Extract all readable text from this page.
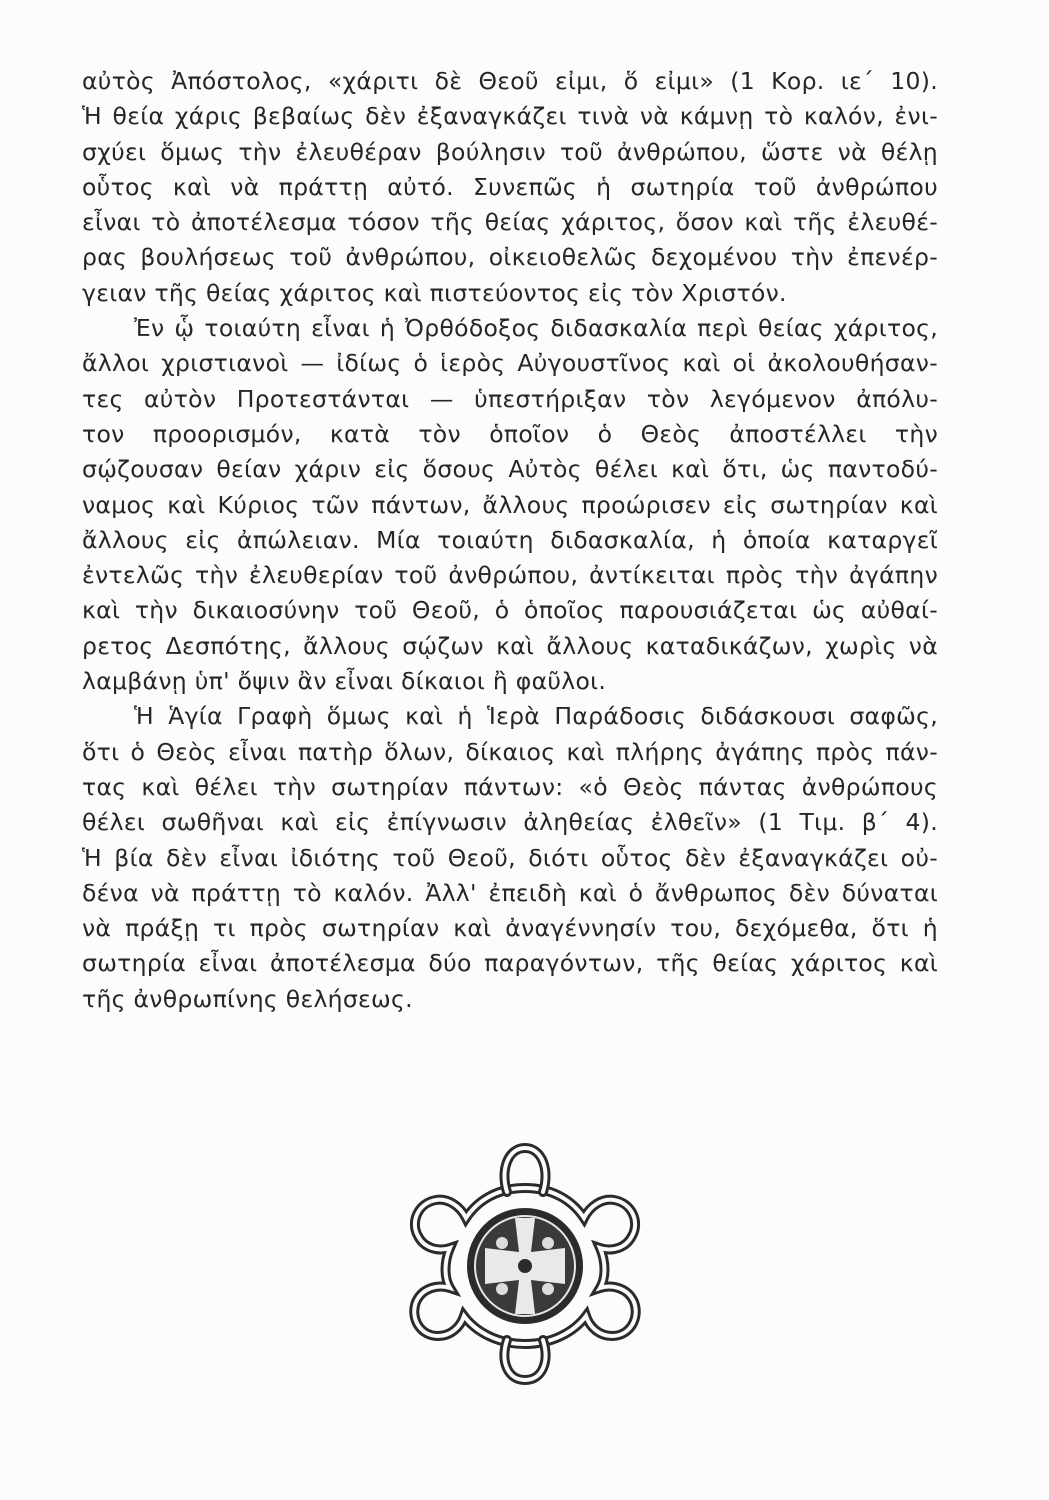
αὐτὸς Ἀπόστολος, «χάριτι δὲ Θεοῦ εἰμι, ὅ εἰμι» (1 Κορ. ιε´ 10).
Ἡ θεία χάρις βεβαίως δὲν ἐξαναγκάζει τινὰ νὰ κάμνῃ τὸ καλόν, ἐνι-
σχύει ὅμως τὴν ἐλευθέραν βούλησιν τοῦ ἀνθρώπου, ὥστε νὰ θέλῃ
οὗτος καὶ νὰ πράττῃ αὐτό. Συνεπῶς ἡ σωτηρία τοῦ ἀνθρώπου
εἶναι τὸ ἀποτέλεσμα τόσον τῆς θείας χάριτος, ὅσον καὶ τῆς ἐλευθέ-
ρας βουλήσεως τοῦ ἀνθρώπου, οἰκειοθελῶς δεχομένου τὴν ἐπενέρ-
γειαν τῆς θείας χάριτος καὶ πιστεύοντος εἰς τὸν Χριστόν.
Ἐν ᾧ τοιαύτη εἶναι ἡ Ὀρθόδοξος διδασκαλία περὶ θείας χάριτος,
ἄλλοι χριστιανοὶ — ἰδίως ὁ ἱερὸς Αὐγουστῖνος καὶ οἱ ἀκολουθήσαν-
τες αὐτὸν Προτεστάνται — ὑπεστήριξαν τὸν λεγόμενον ἀπόλυ-
τον προορισμόν, κατὰ τὸν ὁποῖον ὁ Θεὸς ἀποστέλλει τὴν
σῴζουσαν θείαν χάριν εἰς ὅσους Αὐτὸς θέλει καὶ ὅτι, ὡς παντοδύ-
ναμος καὶ Κύριος τῶν πάντων, ἄλλους προώρισεν εἰς σωτηρίαν καὶ
ἄλλους εἰς ἀπώλειαν. Μία τοιαύτη διδασκαλία, ἡ ὁποία καταργεῖ
ἐντελῶς τὴν ἐλευθερίαν τοῦ ἀνθρώπου, ἀντίκειται πρὸς τὴν ἀγάπην
καὶ τὴν δικαιοσύνην τοῦ Θεοῦ, ὁ ὁποῖος παρουσιάζεται ὡς αὐθαί-
ρετος Δεσπότης, ἄλλους σῴζων καὶ ἄλλους καταδικάζων, χωρὶς νὰ
λαμβάνῃ ὑπ' ὄψιν ἂν εἶναι δίκαιοι ἢ φαῦλοι.
Ἡ Ἁγία Γραφὴ ὅμως καὶ ἡ Ἱερὰ Παράδοσις διδάσκουσι σαφῶς,
ὅτι ὁ Θεὸς εἶναι πατὴρ ὅλων, δίκαιος καὶ πλήρης ἀγάπης πρὸς πάν-
τας καὶ θέλει τὴν σωτηρίαν πάντων: «ὁ Θεὸς πάντας ἀνθρώπους
θέλει σωθῆναι καὶ εἰς ἐπίγνωσιν ἀληθείας ἐλθεῖν» (1 Τιμ. β´ 4).
Ἡ βία δὲν εἶναι ἰδιότης τοῦ Θεοῦ, διότι οὗτος δὲν ἐξαναγκάζει οὐ-
δένα νὰ πράττῃ τὸ καλόν. Ἀλλ' ἐπειδὴ καὶ ὁ ἄνθρωπος δὲν δύναται
νὰ πράξῃ τι πρὸς σωτηρίαν καὶ ἀναγέννησίν του, δεχόμεθα, ὅτι ἡ
σωτηρία εἶναι ἀποτέλεσμα δύο παραγόντων, τῆς θείας χάριτος καὶ
τῆς ἀνθρωπίνης θελήσεως.
